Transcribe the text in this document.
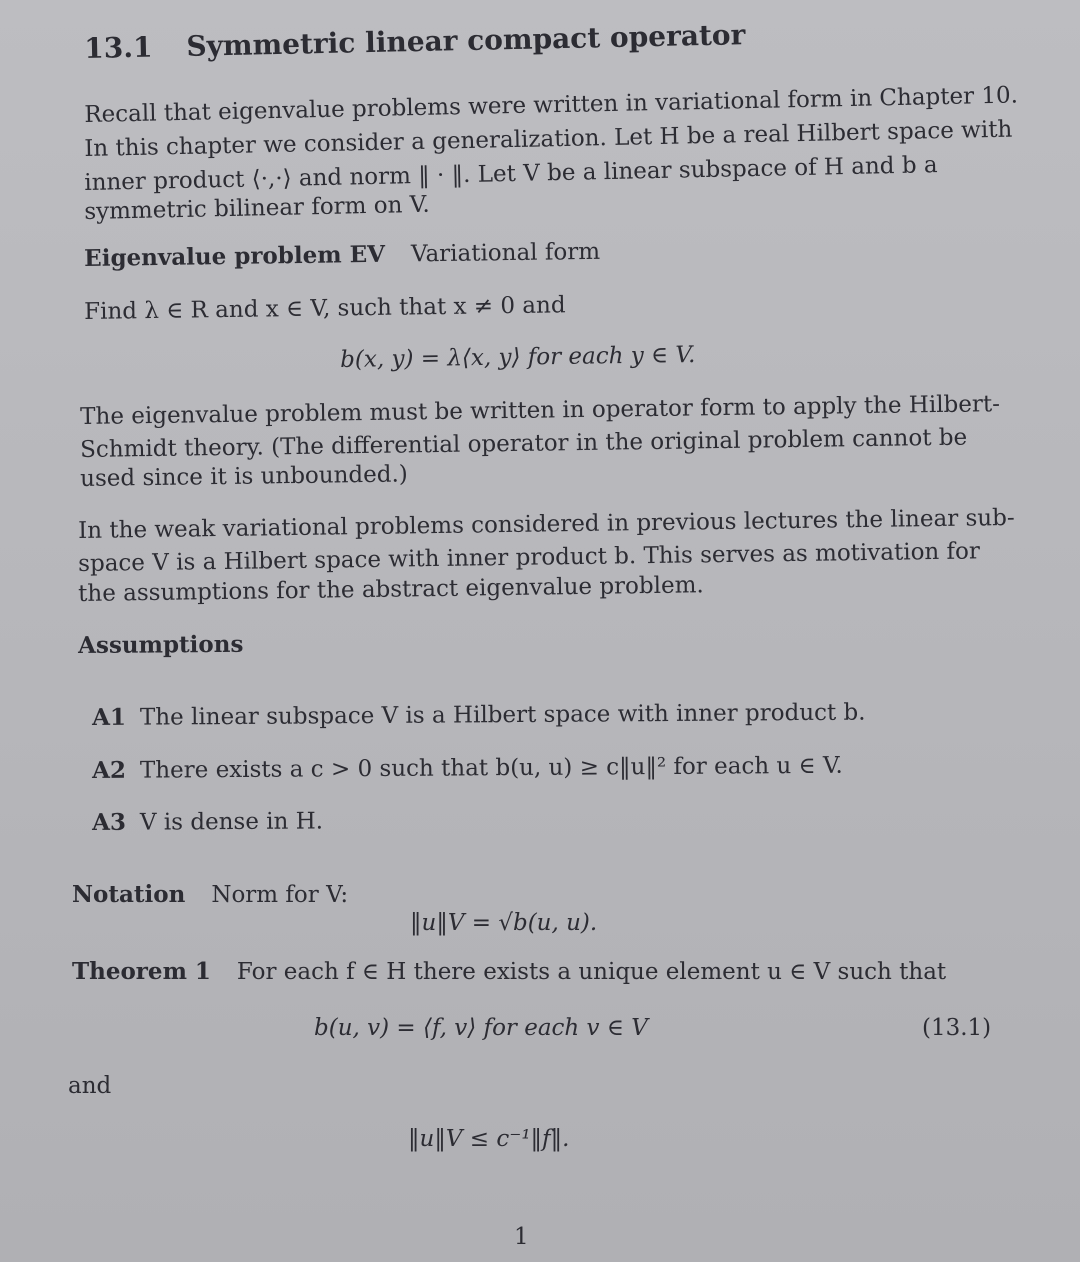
13.1 Symmetric linear compact operator
Recall that eigenvalue problems were written in variational form in Chapter 10.
In this chapter we consider a generalization. Let H be a real Hilbert space with
inner product ⟨·,·⟩ and norm ‖ · ‖. Let V be a linear subspace of H and b a
symmetric bilinear form on V.
Eigenvalue problem EV Variational form
Find λ ∈ R and x ∈ V, such that x ≠ 0 and
b(x, y) = λ⟨x, y⟩ for each y ∈ V.
The eigenvalue problem must be written in operator form to apply the Hilbert-
Schmidt theory. (The differential operator in the original problem cannot be
used since it is unbounded.)
In the weak variational problems considered in previous lectures the linear sub-
space V is a Hilbert space with inner product b. This serves as motivation for
the assumptions for the abstract eigenvalue problem.
Assumptions
A1 The linear subspace V is a Hilbert space with inner product b.
A2 There exists a c > 0 such that b(u, u) ≥ c‖u‖² for each u ∈ V.
A3 V is dense in H.
Notation Norm for V:
‖u‖V = √b(u, u).
Theorem 1 For each f ∈ H there exists a unique element u ∈ V such that
b(u, v) = ⟨f, v⟩ for each v ∈ V	(13.1)
and
‖u‖V ≤ c⁻¹‖f‖.
1
